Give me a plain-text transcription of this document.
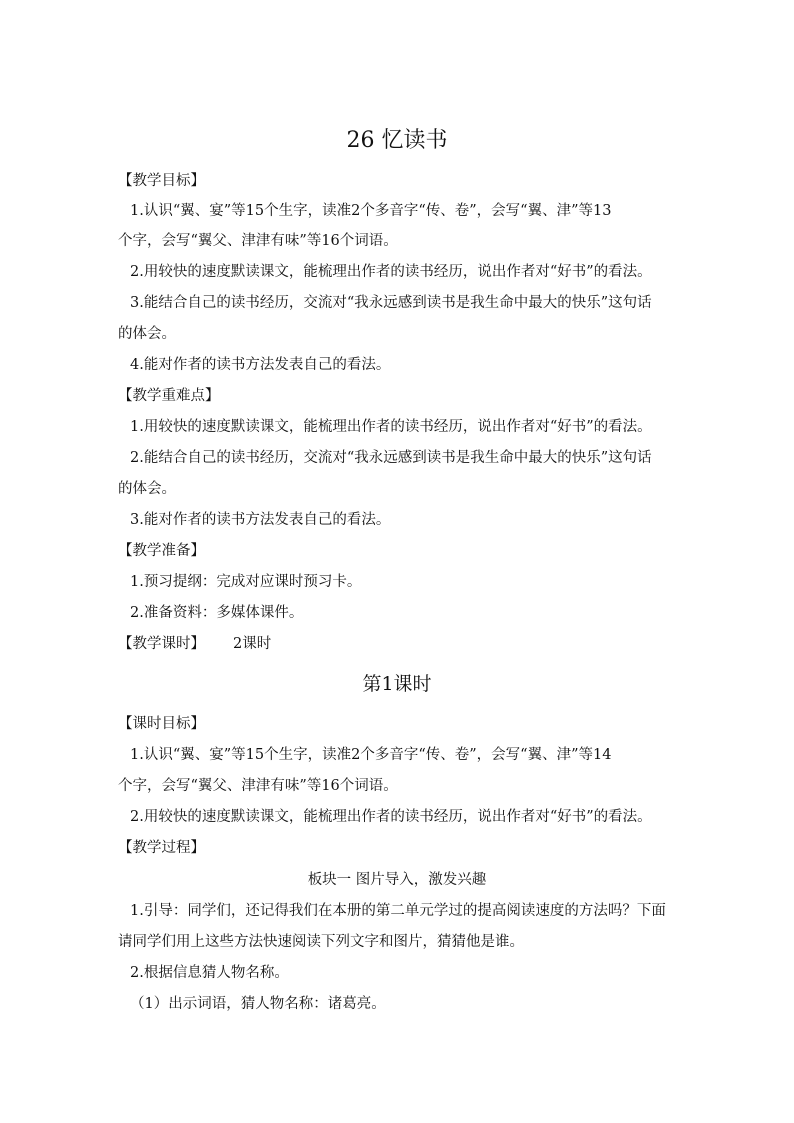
26 忆读书
【教学目标】
1.认识“翼、宴”等15个生字，读准2个多音字“传、卷”，会写“翼、津”等13
个字，会写“翼父、津津有味”等16个词语。
2.用较快的速度默读课文，能梳理出作者的读书经历，说出作者对“好书”的看法。
3.能结合自己的读书经历，交流对“我永远感到读书是我生命中最大的快乐”这句话
的体会。
4.能对作者的读书方法发表自己的看法。
【教学重难点】
1.用较快的速度默读课文，能梳理出作者的读书经历，说出作者对“好书”的看法。
2.能结合自己的读书经历，交流对“我永远感到读书是我生命中最大的快乐”这句话
的体会。
3.能对作者的读书方法发表自己的看法。
【教学准备】
1.预习提纲：完成对应课时预习卡。
2.准备资料：多媒体课件。
【教学课时】 2课时
第1课时
【课时目标】
1.认识“翼、宴”等15个生字，读准2个多音字“传、卷”，会写“翼、津”等14
个字，会写“翼父、津津有味”等16个词语。
2.用较快的速度默读课文，能梳理出作者的读书经历，说出作者对“好书”的看法。
【教学过程】
板块一 图片导入，激发兴趣
1.引导：同学们，还记得我们在本册的第二单元学过的提高阅读速度的方法吗？下面
请同学们用上这些方法快速阅读下列文字和图片，猜猜他是谁。
2.根据信息猜人物名称。
（1）出示词语，猜人物名称：诸葛亮。
